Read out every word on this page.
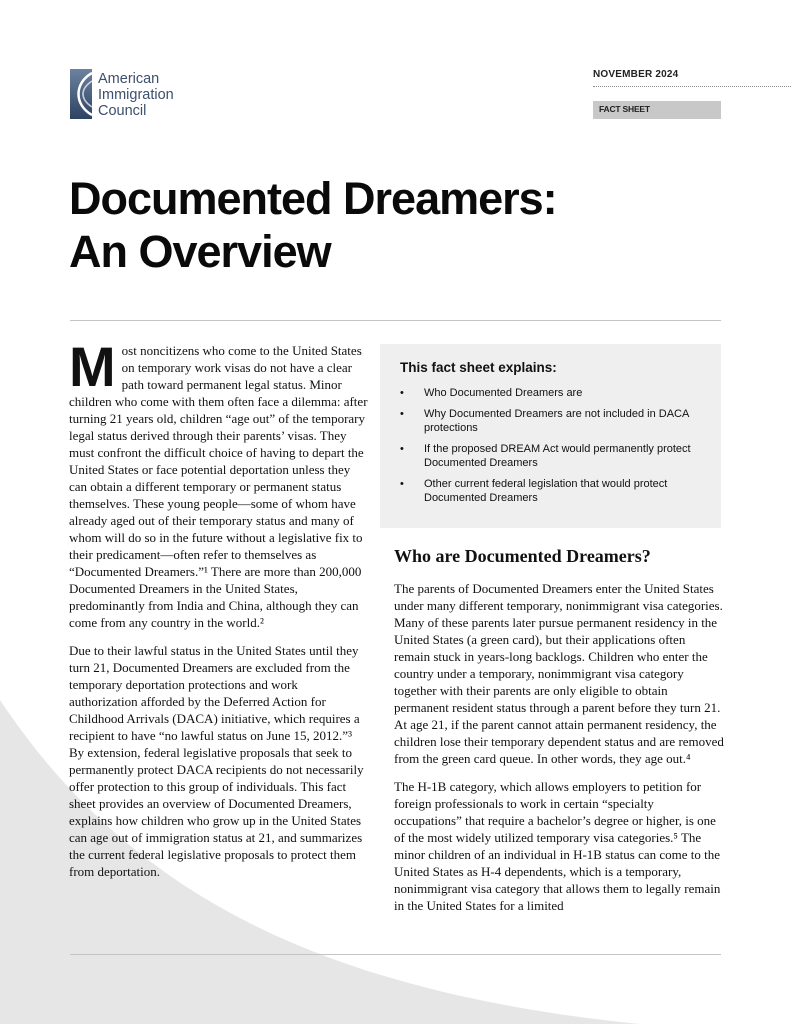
American
Immigration
Council
NOVEMBER 2024
FACT SHEET
Documented Dreamers:
An Overview

Most noncitizens who come to the United States on temporary work visas do not have a clear path toward permanent legal status. Minor children who come with them often face a dilemma: after turning 21 years old, children “age out” of the temporary legal status derived through their parents’ visas. They must confront the difficult choice of having to depart the United States or face potential deportation unless they can obtain a different temporary or permanent status themselves. These young people—some of whom have already aged out of their temporary status and many of whom will do so in the future without a legislative fix to their predicament—often refer to themselves as “Documented Dreamers.”¹ There are more than 200,000 Documented Dreamers in the United States, predominantly from India and China, although they can come from any country in the world.²

Due to their lawful status in the United States until they turn 21, Documented Dreamers are excluded from the temporary deportation protections and work authorization afforded by the Deferred Action for Childhood Arrivals (DACA) initiative, which requires a recipient to have “no lawful status on June 15, 2012.”³ By extension, federal legislative proposals that seek to permanently protect DACA recipients do not necessarily offer protection to this group of individuals. This fact sheet provides an overview of Documented Dreamers, explains how children who grow up in the United States can age out of immigration status at 21, and summarizes the current federal legislative proposals to protect them from deportation.

This fact sheet explains:
• Who Documented Dreamers are
• Why Documented Dreamers are not included in DACA protections
• If the proposed DREAM Act would permanently protect Documented Dreamers
• Other current federal legislation that would protect Documented Dreamers
Who are Documented Dreamers?

The parents of Documented Dreamers enter the United States under many different temporary, nonimmigrant visa categories. Many of these parents later pursue permanent residency in the United States (a green card), but their applications often remain stuck in years-long backlogs. Children who enter the country under a temporary, nonimmigrant visa category together with their parents are only eligible to obtain permanent resident status through a parent before they turn 21. At age 21, if the parent cannot attain permanent residency, the children lose their temporary dependent status and are removed from the green card queue. In other words, they age out.⁴

The H-1B category, which allows employers to petition for foreign professionals to work in certain “specialty occupations” that require a bachelor’s degree or higher, is one of the most widely utilized temporary visa categories.⁵ The minor children of an individual in H-1B status can come to the United States as H-4 dependents, which is a temporary, nonimmigrant visa category that allows them to legally remain in the United States for a limited
